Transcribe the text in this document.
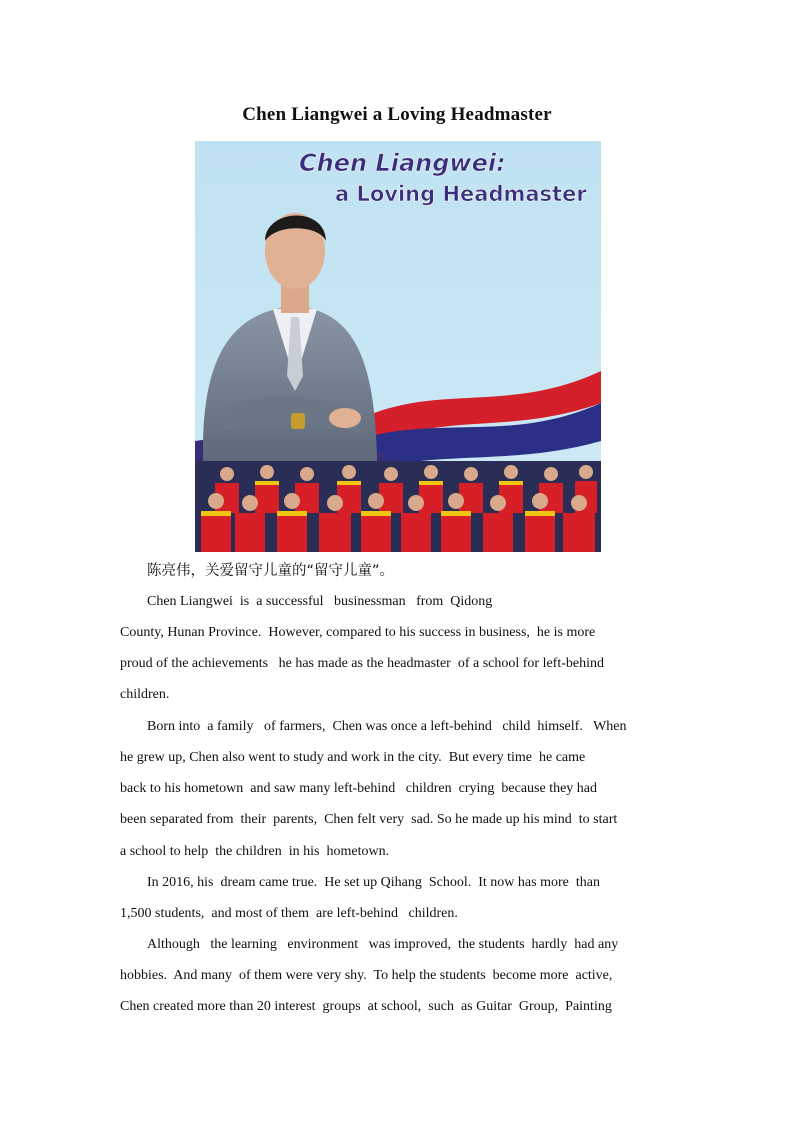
Chen Liangwei a Loving Headmaster
Chen Liangwei:
a Loving Headmaster
陈亮伟，关爱留守儿童的“留守儿童”。
Chen Liangwei  is  a successful   businessman   from  Qidong
County, Hunan Province.  However, compared to his success in business,  he is more
proud of the achievements   he has made as the headmaster  of a school for left-behind
children.
Born into  a family   of farmers,  Chen was once a left-behind   child  himself.   When
he grew up, Chen also went to study and work in the city.  But every time  he came
back to his hometown  and saw many left-behind   children  crying  because they had
been separated from  their  parents,  Chen felt very  sad. So he made up his mind  to start
a school to help  the children  in his  hometown.
In 2016, his  dream came true.  He set up Qihang  School.  It now has more  than
1,500 students,  and most of them  are left-behind   children.
Although   the learning   environment   was improved,  the students  hardly  had any
hobbies.  And many  of them were very shy.  To help the students  become more  active,
Chen created more than 20 interest  groups  at school,  such  as Guitar  Group,  Painting
